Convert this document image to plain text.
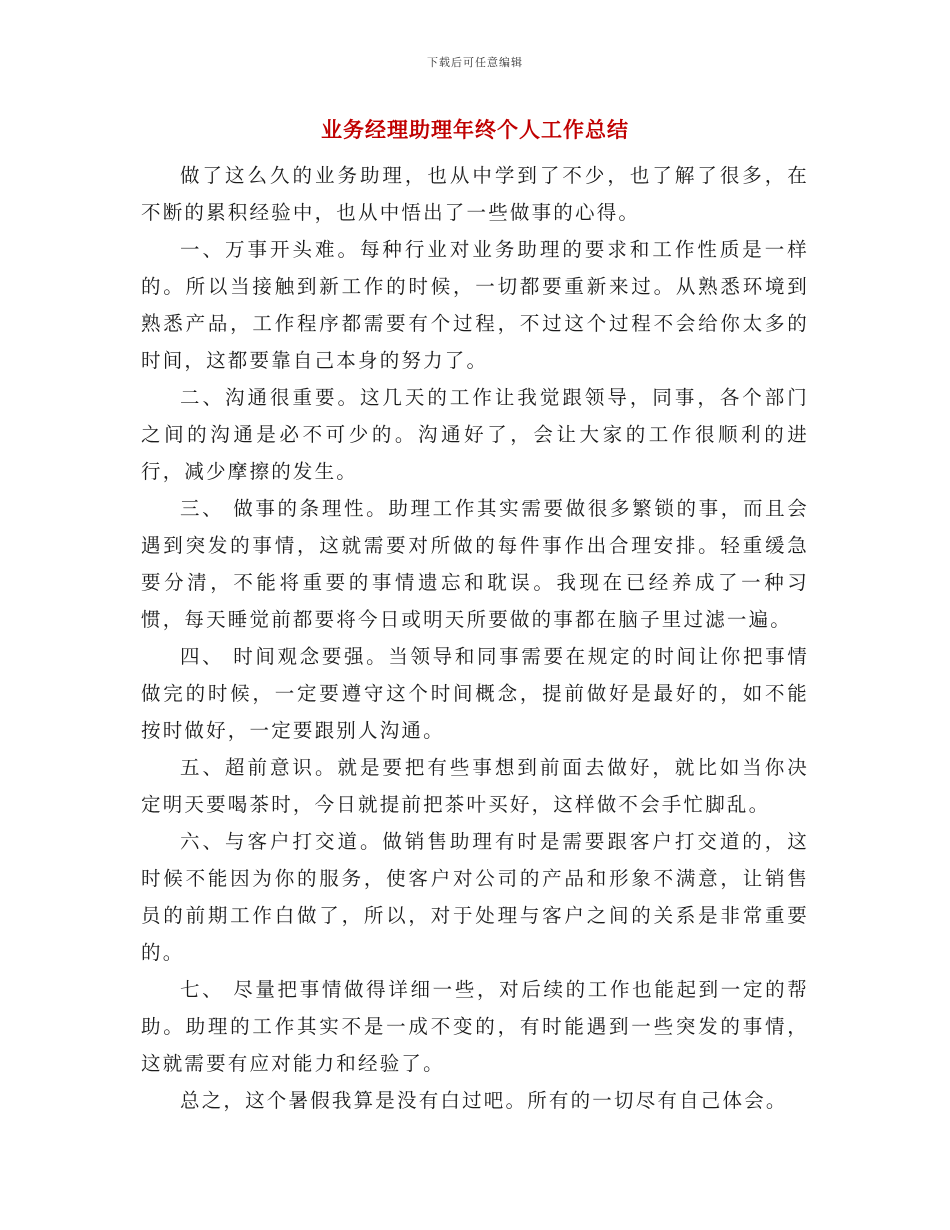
下载后可任意编辑
业务经理助理年终个人工作总结

做了这么久的业务助理，也从中学到了不少，也了解了很多，在不断的累积经验中，也从中悟出了一些做事的心得。

一、万事开头难。每种行业对业务助理的要求和工作性质是一样的。所以当接触到新工作的时候，一切都要重新来过。从熟悉环境到熟悉产品，工作程序都需要有个过程，不过这个过程不会给你太多的时间，这都要靠自己本身的努力了。

二、沟通很重要。这几天的工作让我觉跟领导，同事，各个部门之间的沟通是必不可少的。沟通好了，会让大家的工作很顺利的进行，减少摩擦的发生。

三、 做事的条理性。助理工作其实需要做很多繁锁的事，而且会遇到突发的事情，这就需要对所做的每件事作出合理安排。轻重缓急要分清，不能将重要的事情遗忘和耽误。我现在已经养成了一种习惯，每天睡觉前都要将今日或明天所要做的事都在脑子里过滤一遍。

四、 时间观念要强。当领导和同事需要在规定的时间让你把事情做完的时候，一定要遵守这个时间概念，提前做好是最好的，如不能按时做好，一定要跟别人沟通。

五、超前意识。就是要把有些事想到前面去做好，就比如当你决定明天要喝茶时，今日就提前把茶叶买好，这样做不会手忙脚乱。

六、与客户打交道。做销售助理有时是需要跟客户打交道的，这时候不能因为你的服务，使客户对公司的产品和形象不满意，让销售员的前期工作白做了，所以，对于处理与客户之间的关系是非常重要的。

七、 尽量把事情做得详细一些，对后续的工作也能起到一定的帮助。助理的工作其实不是一成不变的，有时能遇到一些突发的事情，这就需要有应对能力和经验了。

总之，这个暑假我算是没有白过吧。所有的一切尽有自己体会。
